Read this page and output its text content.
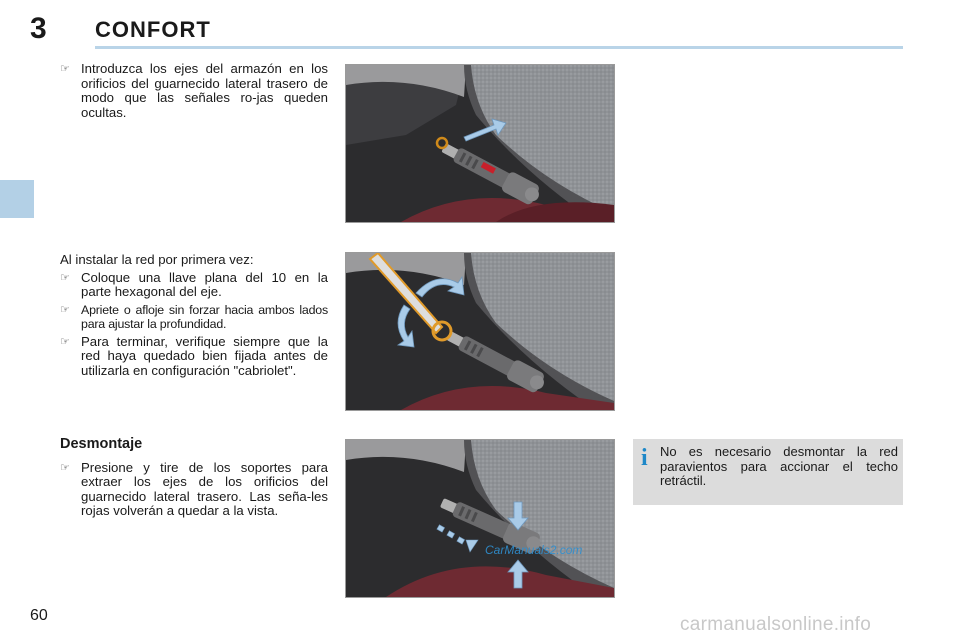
3 CONFORT
☞ Introduzca los ejes del armazón en los orificios del guarnecido lateral trasero de modo que las señales ro-jas queden ocultas.
Al instalar la red por primera vez:
☞ Coloque una llave plana del 10 en la parte hexagonal del eje.
☞ Apriete o afloje sin forzar hacia ambos lados para ajustar la profundidad.
☞ Para terminar, verifique siempre que la red haya quedado bien fijada antes de utilizarla en configuración "cabriolet".
Desmontaje
☞ Presione y tire de los soportes para extraer los ejes de los orificios del guarnecido lateral trasero. Las seña-les rojas volverán a quedar a la vista.
CarManuals2.com
i No es necesario desmontar la red paravientos para accionar el techo retráctil.
60	carmanualsonline.info
